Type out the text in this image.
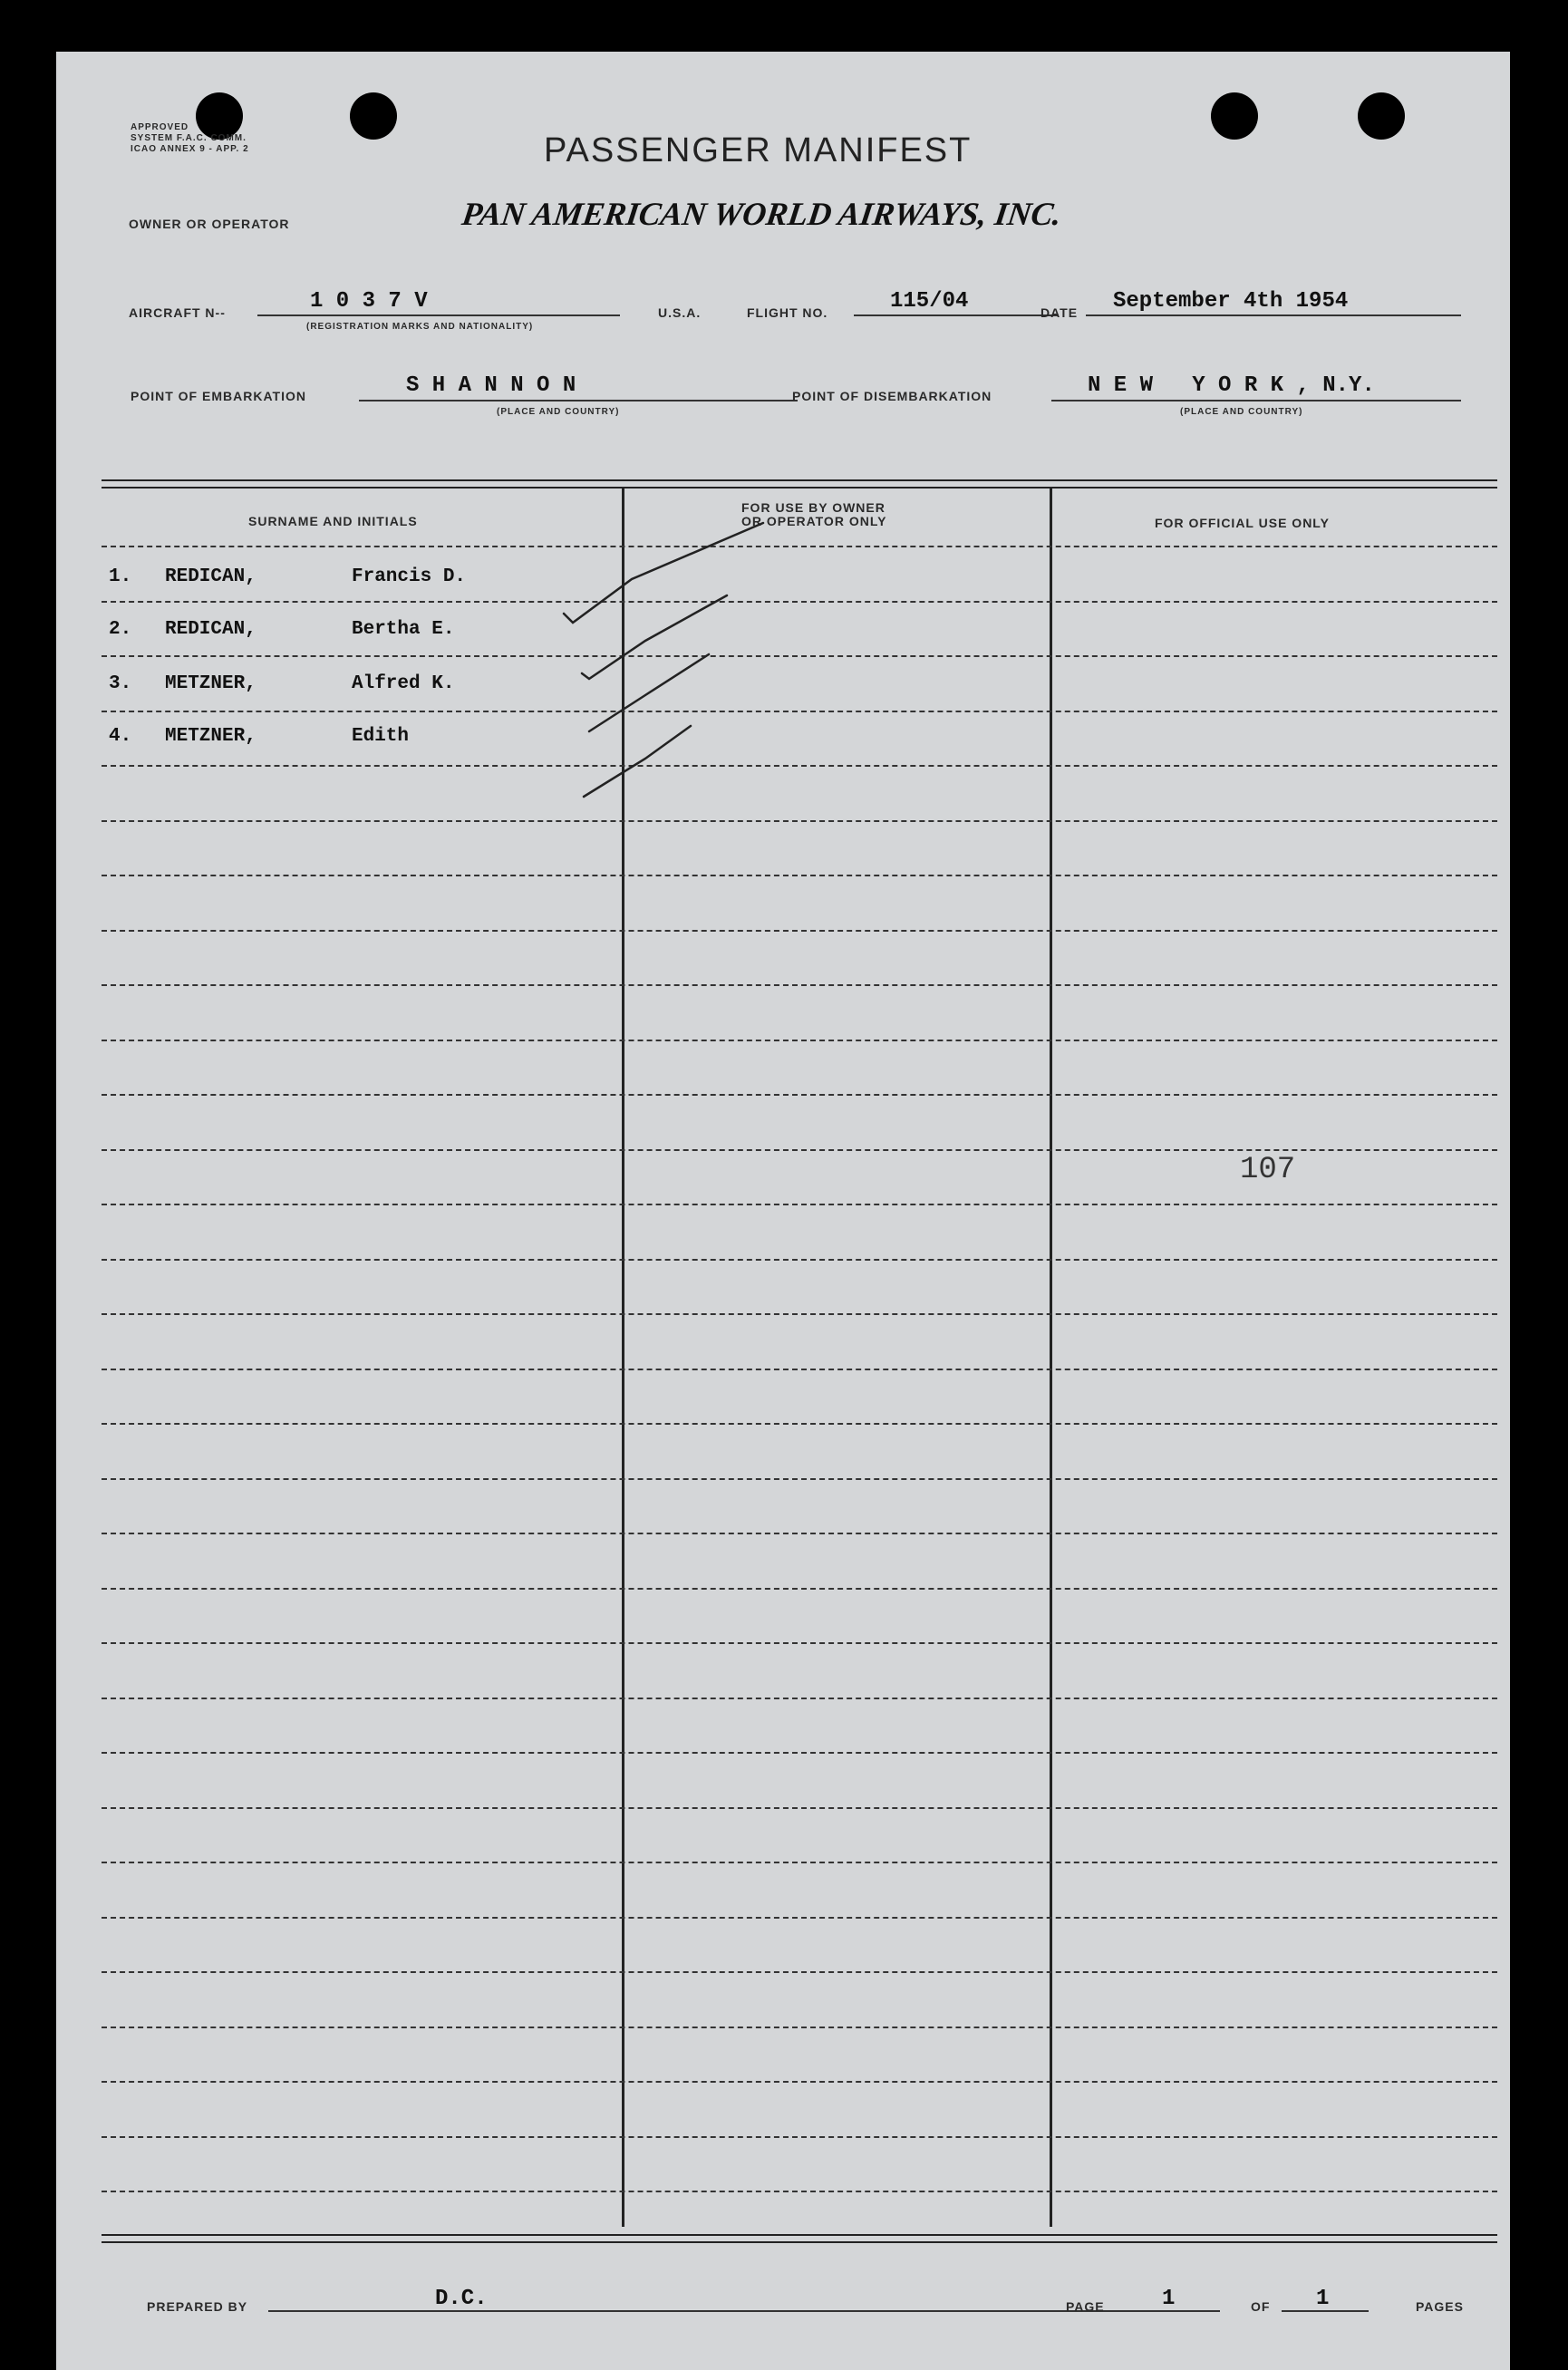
APPROVED
SYSTEM F.A.C. COMM.
ICAO ANNEX 9 - APP. 2	PASSENGER MANIFEST
OWNER OR OPERATOR	PAN AMERICAN WORLD AIRWAYS, INC.
AIRCRAFT N--	1 0 3 7 V
(REGISTRATION MARKS AND NATIONALITY)
U.S.A.	FLIGHT NO.	115/04	DATE September 4th 1954
POINT OF EMBARKATION	S H A N N O N
(PLACE AND COUNTRY)
POINT OF DISEMBARKATION	N E W   Y O R K , N.Y.
(PLACE AND COUNTRY)
SURNAME AND INITIALS
FOR USE BY OWNER
OR OPERATOR ONLY	FOR OFFICIAL USE ONLY
1. REDICAN,	Francis D.
2. REDICAN,	Bertha E.
3. METZNER,	Alfred K.
4. METZNER,	Edith
107
PREPARED BY	D.C.	PAGE	1	OF 1	PAGES
